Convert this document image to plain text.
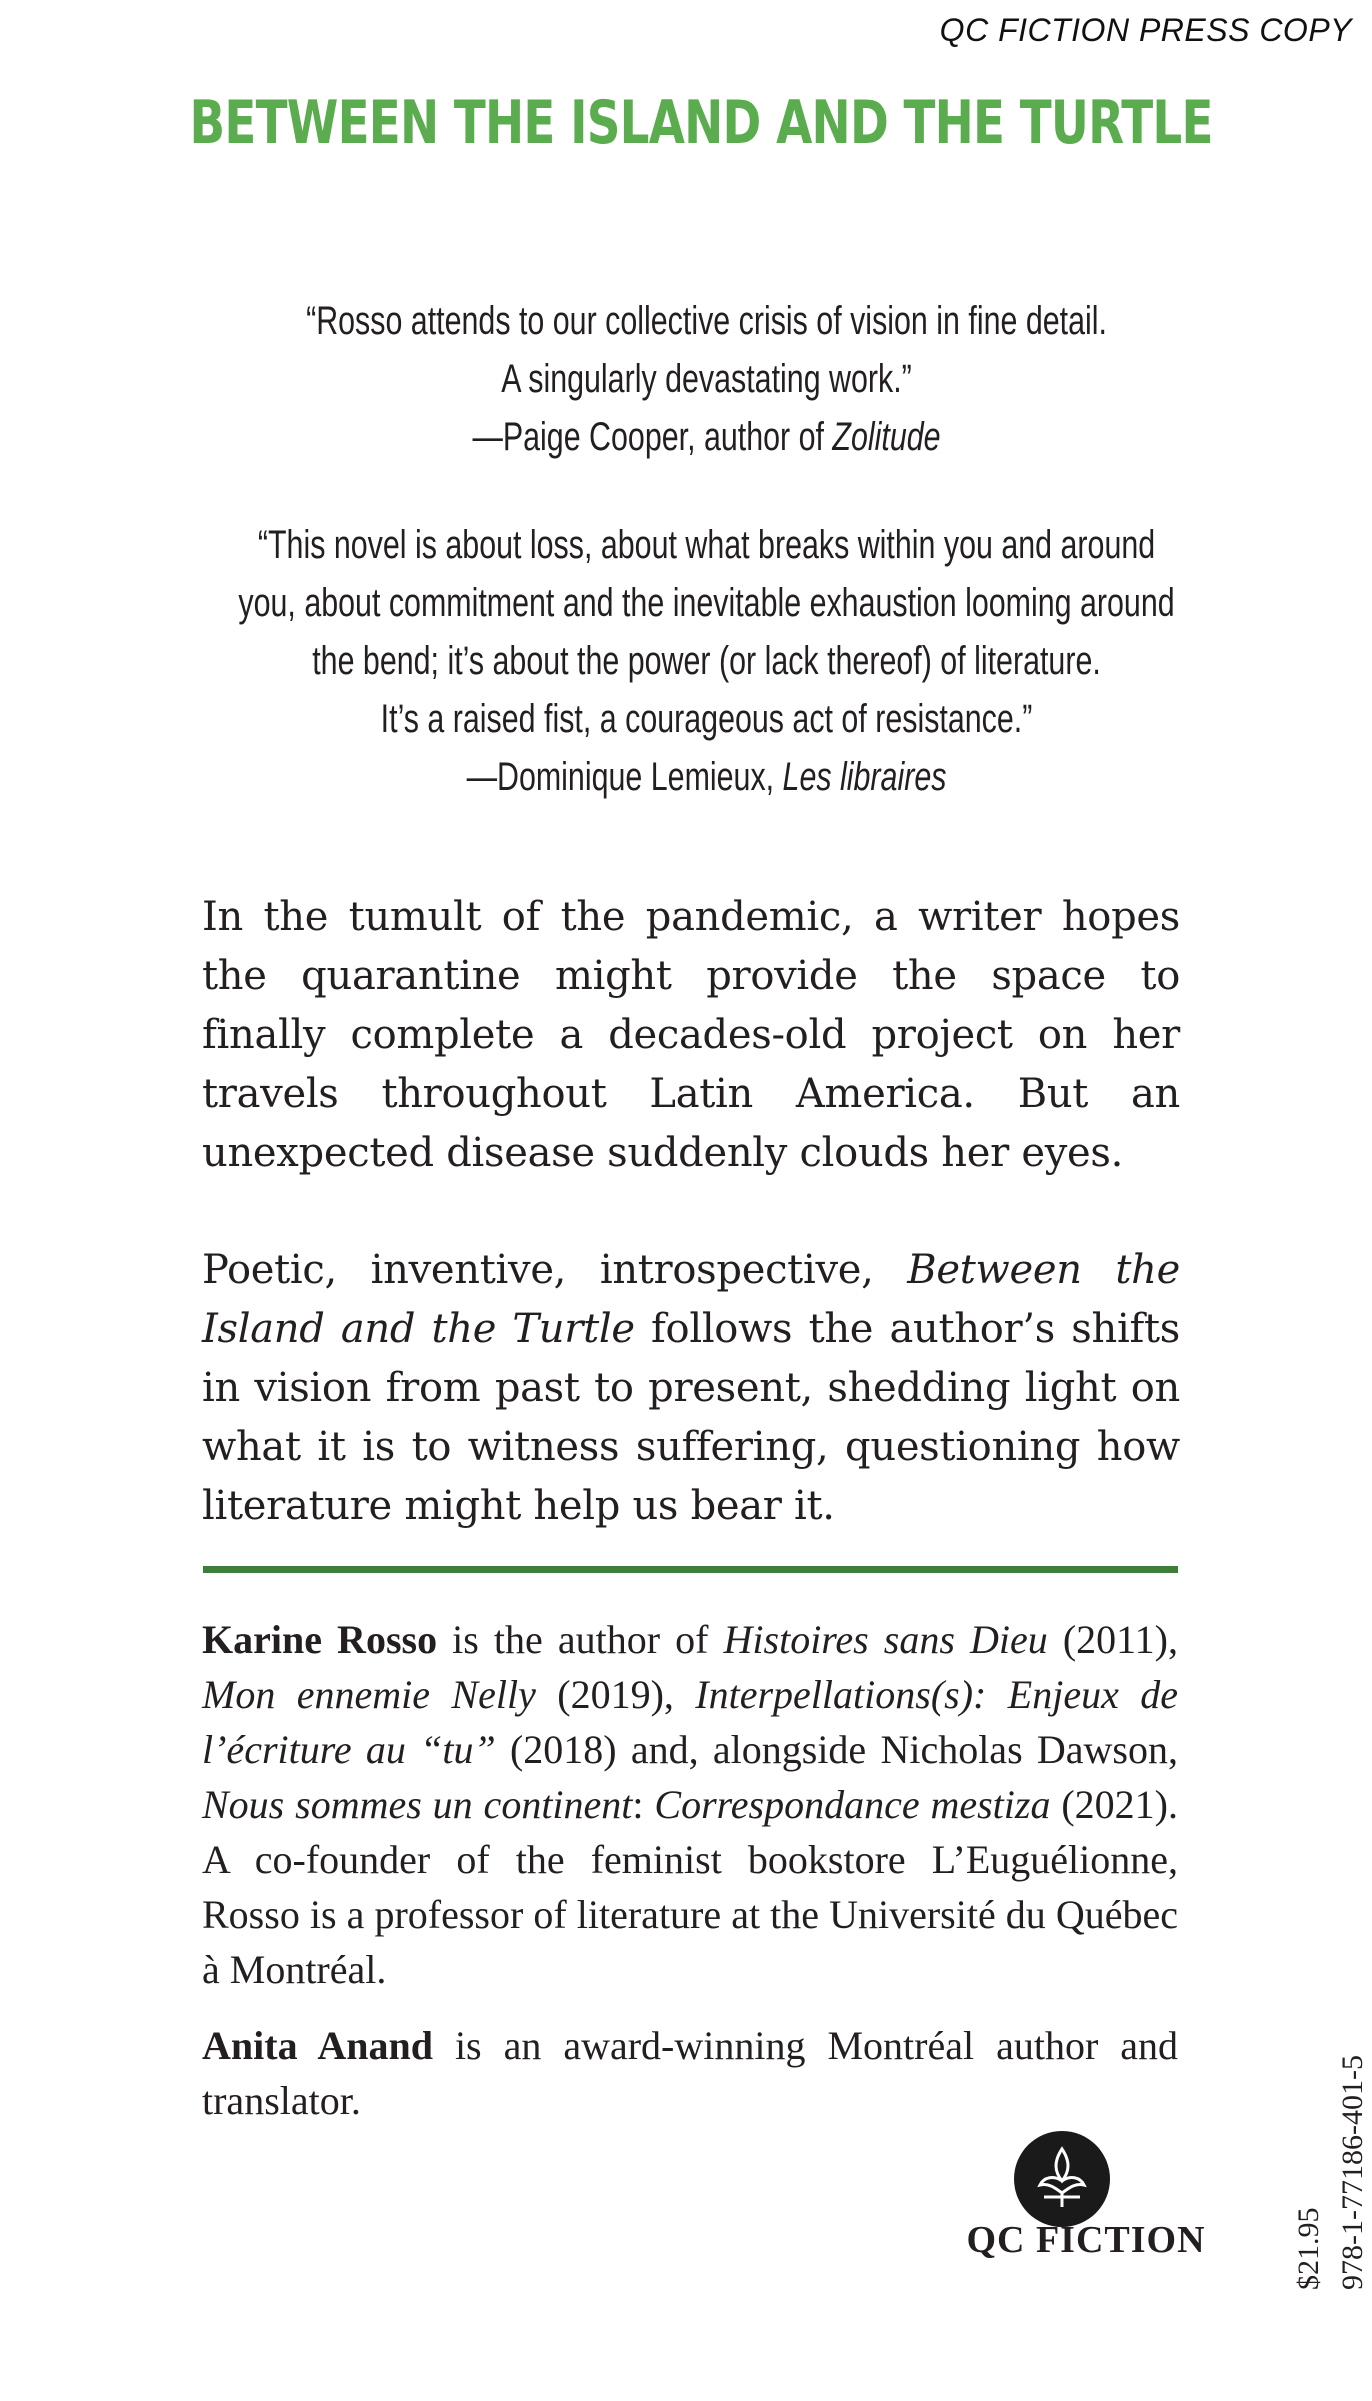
QC FICTION PRESS COPY
BETWEEN THE ISLAND AND THE TURTLE
“Rosso attends to our collective crisis of vision in fine detail.
A singularly devastating work.”
—Paige Cooper, author of Zolitude
“This novel is about loss, about what breaks within you and around
you, about commitment and the inevitable exhaustion looming around
the bend; it’s about the power (or lack thereof) of literature.
It’s a raised fist, a courageous act of resistance.”
—Dominique Lemieux, Les libraires
In the tumult of the pandemic, a writer hopes the quarantine might provide the space to finally complete a decades-old project on her travels throughout Latin America. But an unexpected disease suddenly clouds her eyes.
Poetic, inventive, introspective, Between the Island and the Turtle follows the author’s shifts in vision from past to present, shedding light on what it is to witness suffering, questioning how literature might help us bear it.
Karine Rosso is the author of Histoires sans Dieu (2011), Mon ennemie Nelly (2019), Interpellations(s): Enjeux de l’écriture au “tu” (2018) and, alongside Nicholas Dawson, Nous sommes un continent: Correspondance mestiza (2021). A co-founder of the feminist bookstore L’Euguélionne, Rosso is a professor of literature at the Université du Québec à Montréal.
Anita Anand is an award-winning Montréal author and translator.
QC FICTION	$21.95 978-1-77186-401-5
